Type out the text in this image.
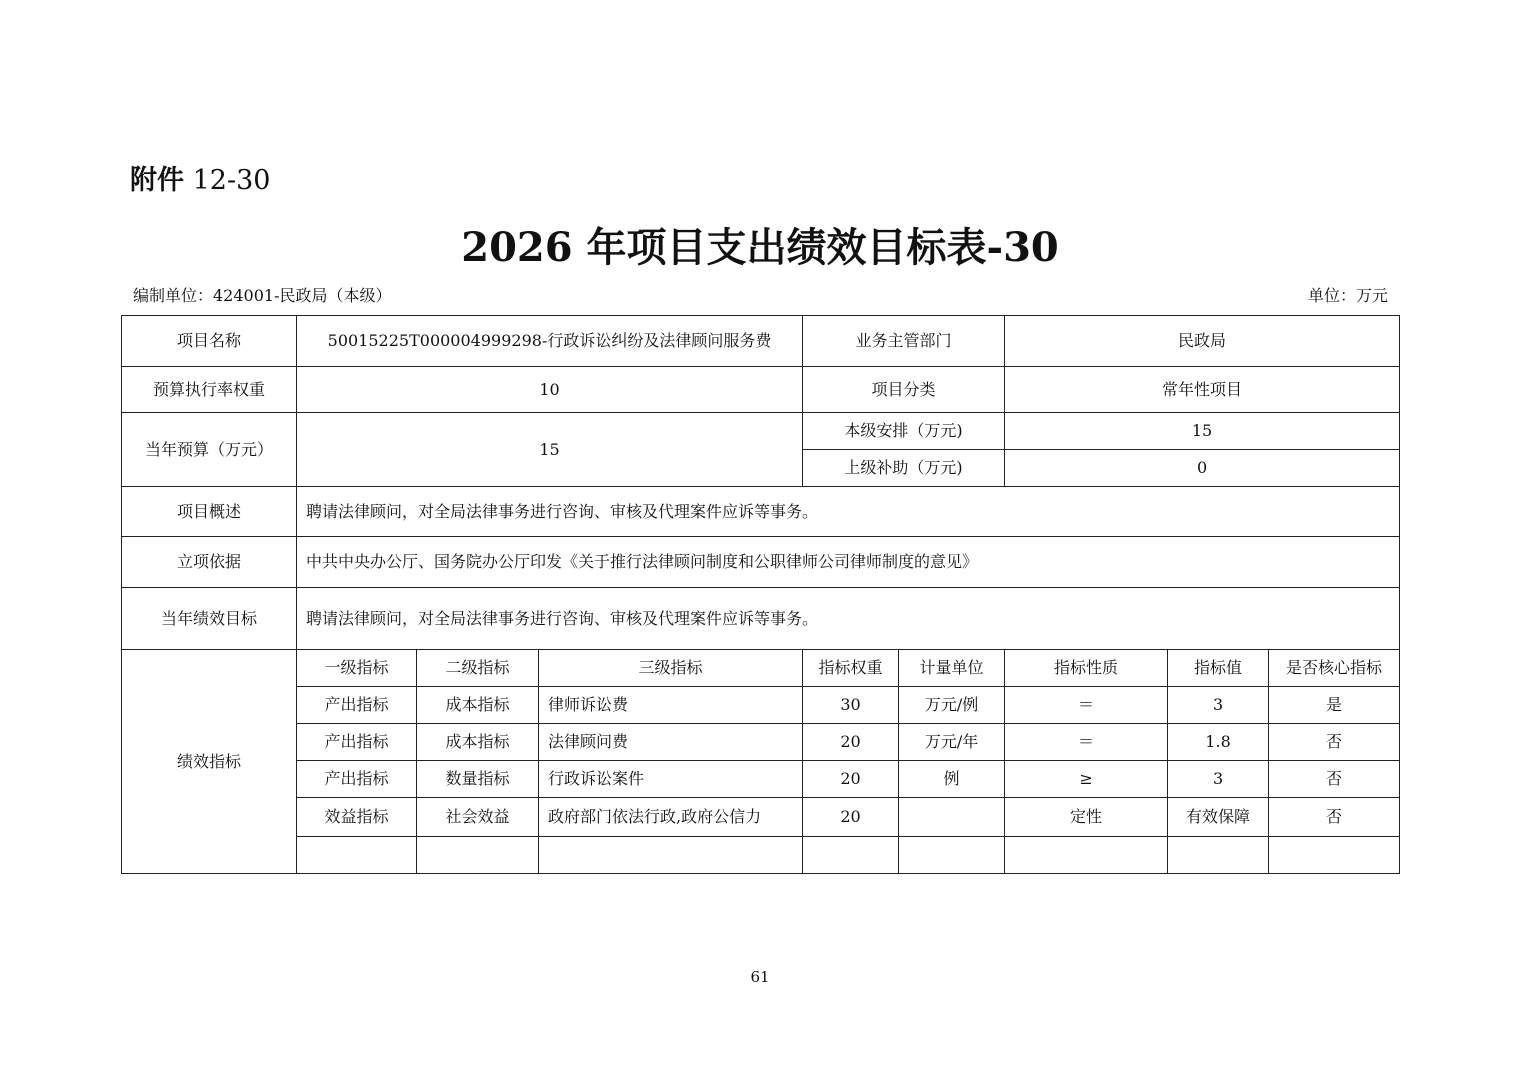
附件 12-30
2026 年项目支出绩效目标表-30
编制单位：424001-民政局（本级）	单位：万元
项目名称	50015225T000004999298-行政诉讼纠纷及法律顾问服务费			业务主管部门		民政局		
预算执行率权重	10			项目分类		常年性项目		
当年预算（万元）	15			本级安排（万元)		15		
				上级补助（万元)		0		
项目概述	聘请法律顾问，对全局法律事务进行咨询、审核及代理案件应诉等事务。							
立项依据	中共中央办公厅、国务院办公厅印发《关于推行法律顾问制度和公职律师公司律师制度的意见》							
当年绩效目标	聘请法律顾问，对全局法律事务进行咨询、审核及代理案件应诉等事务。							
绩效指标	一级指标	二级指标	三级指标	指标权重	计量单位	指标性质	指标值	是否核心指标
	产出指标	成本指标	律师诉讼费	30	万元/例	＝	3	是
	产出指标	成本指标	法律顾问费	20	万元/年	＝	1.8	否
	产出指标	数量指标	行政诉讼案件	20	例	≥	3	否
	效益指标	社会效益	政府部门依法行政,政府公信力	20		定性	有效保障	否

61
